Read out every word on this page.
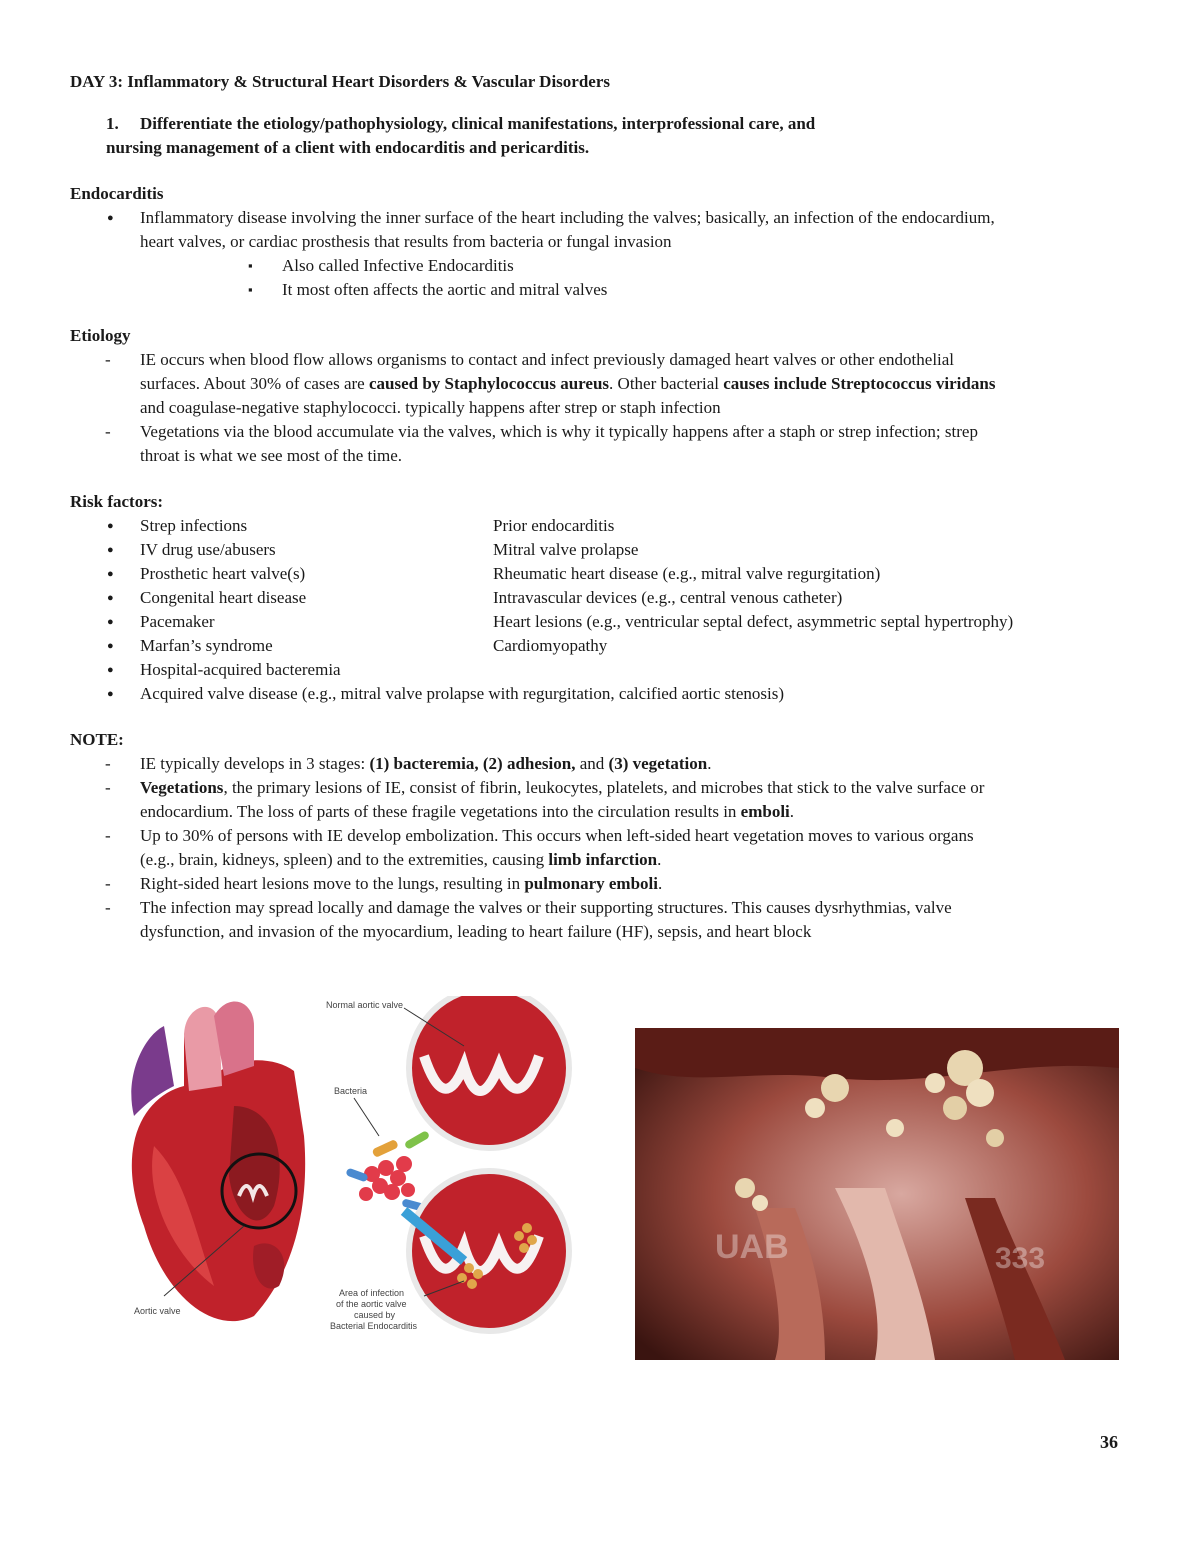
DAY 3: Inflammatory & Structural Heart Disorders & Vascular Disorders
1. Differentiate the etiology/pathophysiology, clinical manifestations, interprofessional care, and
nursing management of a client with endocarditis and pericarditis.
Endocarditis
● Inflammatory disease involving the inner surface of the heart including the valves; basically, an infection of the endocardium,
heart valves, or cardiac prosthesis that results from bacteria or fungal invasion
▪ Also called Infective Endocarditis
▪ It most often affects the aortic and mitral valves
Etiology
- IE occurs when blood flow allows organisms to contact and infect previously damaged heart valves or other endothelial
surfaces. About 30% of cases are caused by Staphylococcus aureus. Other bacterial causes include Streptococcus viridans
and coagulase-negative staphylococci. typically happens after strep or staph infection
- Vegetations via the blood accumulate via the valves, which is why it typically happens after a staph or strep infection; strep
throat is what we see most of the time.
Risk factors:
● Strep infections	Prior endocarditis
● IV drug use/abusers	Mitral valve prolapse
● Prosthetic heart valve(s)	Rheumatic heart disease (e.g., mitral valve regurgitation)
● Congenital heart disease	Intravascular devices (e.g., central venous catheter)
● Pacemaker	Heart lesions (e.g., ventricular septal defect, asymmetric septal hypertrophy)
● Marfan’s syndrome	Cardiomyopathy
● Hospital-acquired bacteremia
● Acquired valve disease (e.g., mitral valve prolapse with regurgitation, calcified aortic stenosis)
NOTE:
- IE typically develops in 3 stages: (1) bacteremia, (2) adhesion, and (3) vegetation.
- Vegetations, the primary lesions of IE, consist of fibrin, leukocytes, platelets, and microbes that stick to the valve surface or
endocardium. The loss of parts of these fragile vegetations into the circulation results in emboli.
- Up to 30% of persons with IE develop embolization. This occurs when left-sided heart vegetation moves to various organs
(e.g., brain, kidneys, spleen) and to the extremities, causing limb infarction.
- Right-sided heart lesions move to the lungs, resulting in pulmonary emboli.
- The infection may spread locally and damage the valves or their supporting structures. This causes dysrhythmias, valve
dysfunction, and invasion of the myocardium, leading to heart failure (HF), sepsis, and heart block
Aortic valve
Normal aortic valve
Bacteria
Area of infection
of the aortic valve
caused by
Bacterial Endocarditis
UAB	333
36
